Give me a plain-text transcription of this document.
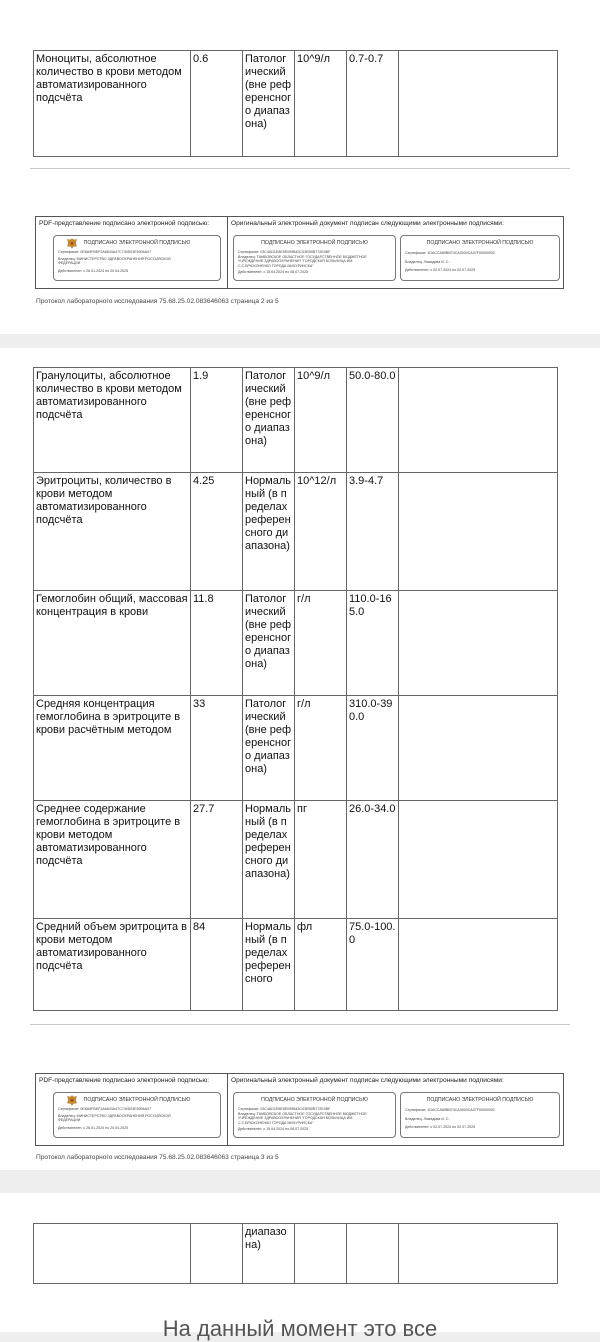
Моноциты, абсолютное количество в крови методом автоматизированного подсчёта	0.6	Патологический (вне референсного диапазона)	10^9/л	0.7-0.7	
PDF-представление подписано электронной подписью:
ПОДПИСАНО ЭЛЕКТРОННОЙ ПОДПИСЬЮ
Сертификат: 0E8A9FBEF3A6843A47C740D03E5906A07
Владелец: МИНИСТЕРСТВО ЗДРАВООХРАНЕНИЯ РОССИЙСКОЙ
ФЕДЕРАЦИИ
Действителен: с 26.01.2024 по 20.04.2025
Оригинальный электронный документ подписан следующими электронными подписями:
ПОДПИСАНО ЭЛЕКТРОННОЙ ПОДПИСЬЮ
Сертификат: 03C4AD1E8E5E099B43C03EB0B772E4BF
Владелец: ТАМБОВСКОЕ ОБЛАСТНОЕ ГОСУДАРСТВЕННОЕ БЮДЖЕТНОЕ
УЧРЕЖДЕНИЕ ЗДРАВООХРАНЕНИЯ "ГОРОДСКАЯ БОЛЬНИЦА ИМ.
С.С.БРЮХОНЕНКО ГОРОДА МИЧУРИНСКА"
Действителен: с 15.04.2024 по 08.07.2025
ПОДПИСАНО ЭЛЕКТРОННОЙ ПОДПИСЬЮ
Сертификат: 1DACCA89BB74CA0000CA07F00000002
Владелец: Люкадова И. С.
Действителен: с 02.07.2024 по 02.07.2025
Протокол лабораторного исследования 75.68.25.02.083646063 страница 2 из 5
Гранулоциты, абсолютное количество в крови методом автоматизированного подсчёта	1.9	Патологический (вне референсного диапазона)	10^9/л	50.0-80.0	
Эритроциты, количество в крови методом автоматизированного подсчёта	4.25	Нормальный (в пределах референсного диапазона)	10^12/л	3.9-4.7	
Гемоглобин общий, массовая концентрация в крови	11.8	Патологический (вне референсного диапазона)	г/л	110.0-165.0	
Средняя концентрация гемоглобина в эритроците в крови расчётным методом	33	Патологический (вне референсного диапазона)	г/л	310.0-390.0	
Среднее содержание гемоглобина в эритроците в крови методом автоматизированного подсчёта	27.7	Нормальный (в пределах референсного диапазона)	пг	26.0-34.0	
Средний объем эритроцита в крови методом автоматизированного подсчёта	84	Нормальный (в пределах референсного	фл	75.0-100.0	
PDF-представление подписано электронной подписью:
ПОДПИСАНО ЭЛЕКТРОННОЙ ПОДПИСЬЮ
Сертификат: 0E8A9FBEF3A6843A47C740D03E5906A07
Владелец: МИНИСТЕРСТВО ЗДРАВООХРАНЕНИЯ РОССИЙСКОЙ
ФЕДЕРАЦИИ
Действителен: с 26.01.2024 по 20.04.2025
Оригинальный электронный документ подписан следующими электронными подписями:
ПОДПИСАНО ЭЛЕКТРОННОЙ ПОДПИСЬЮ
Сертификат: 03C4AD1E8E5E099B43C03EB0B772E4BF
Владелец: ТАМБОВСКОЕ ОБЛАСТНОЕ ГОСУДАРСТВЕННОЕ БЮДЖЕТНОЕ
УЧРЕЖДЕНИЕ ЗДРАВООХРАНЕНИЯ "ГОРОДСКАЯ БОЛЬНИЦА ИМ.
С.С.БРЮХОНЕНКО ГОРОДА МИЧУРИНСКА"
Действителен: с 15.04.2024 по 08.07.2025
ПОДПИСАНО ЭЛЕКТРОННОЙ ПОДПИСЬЮ
Сертификат: 1DACCA89BB74CA0000CA07F00000002
Владелец: Люкадова И. С.
Действителен: с 02.07.2024 по 02.07.2025
Протокол лабораторного исследования 75.68.25.02.083646063 страница 3 из 5
		диапазона)			
На данный момент это все
